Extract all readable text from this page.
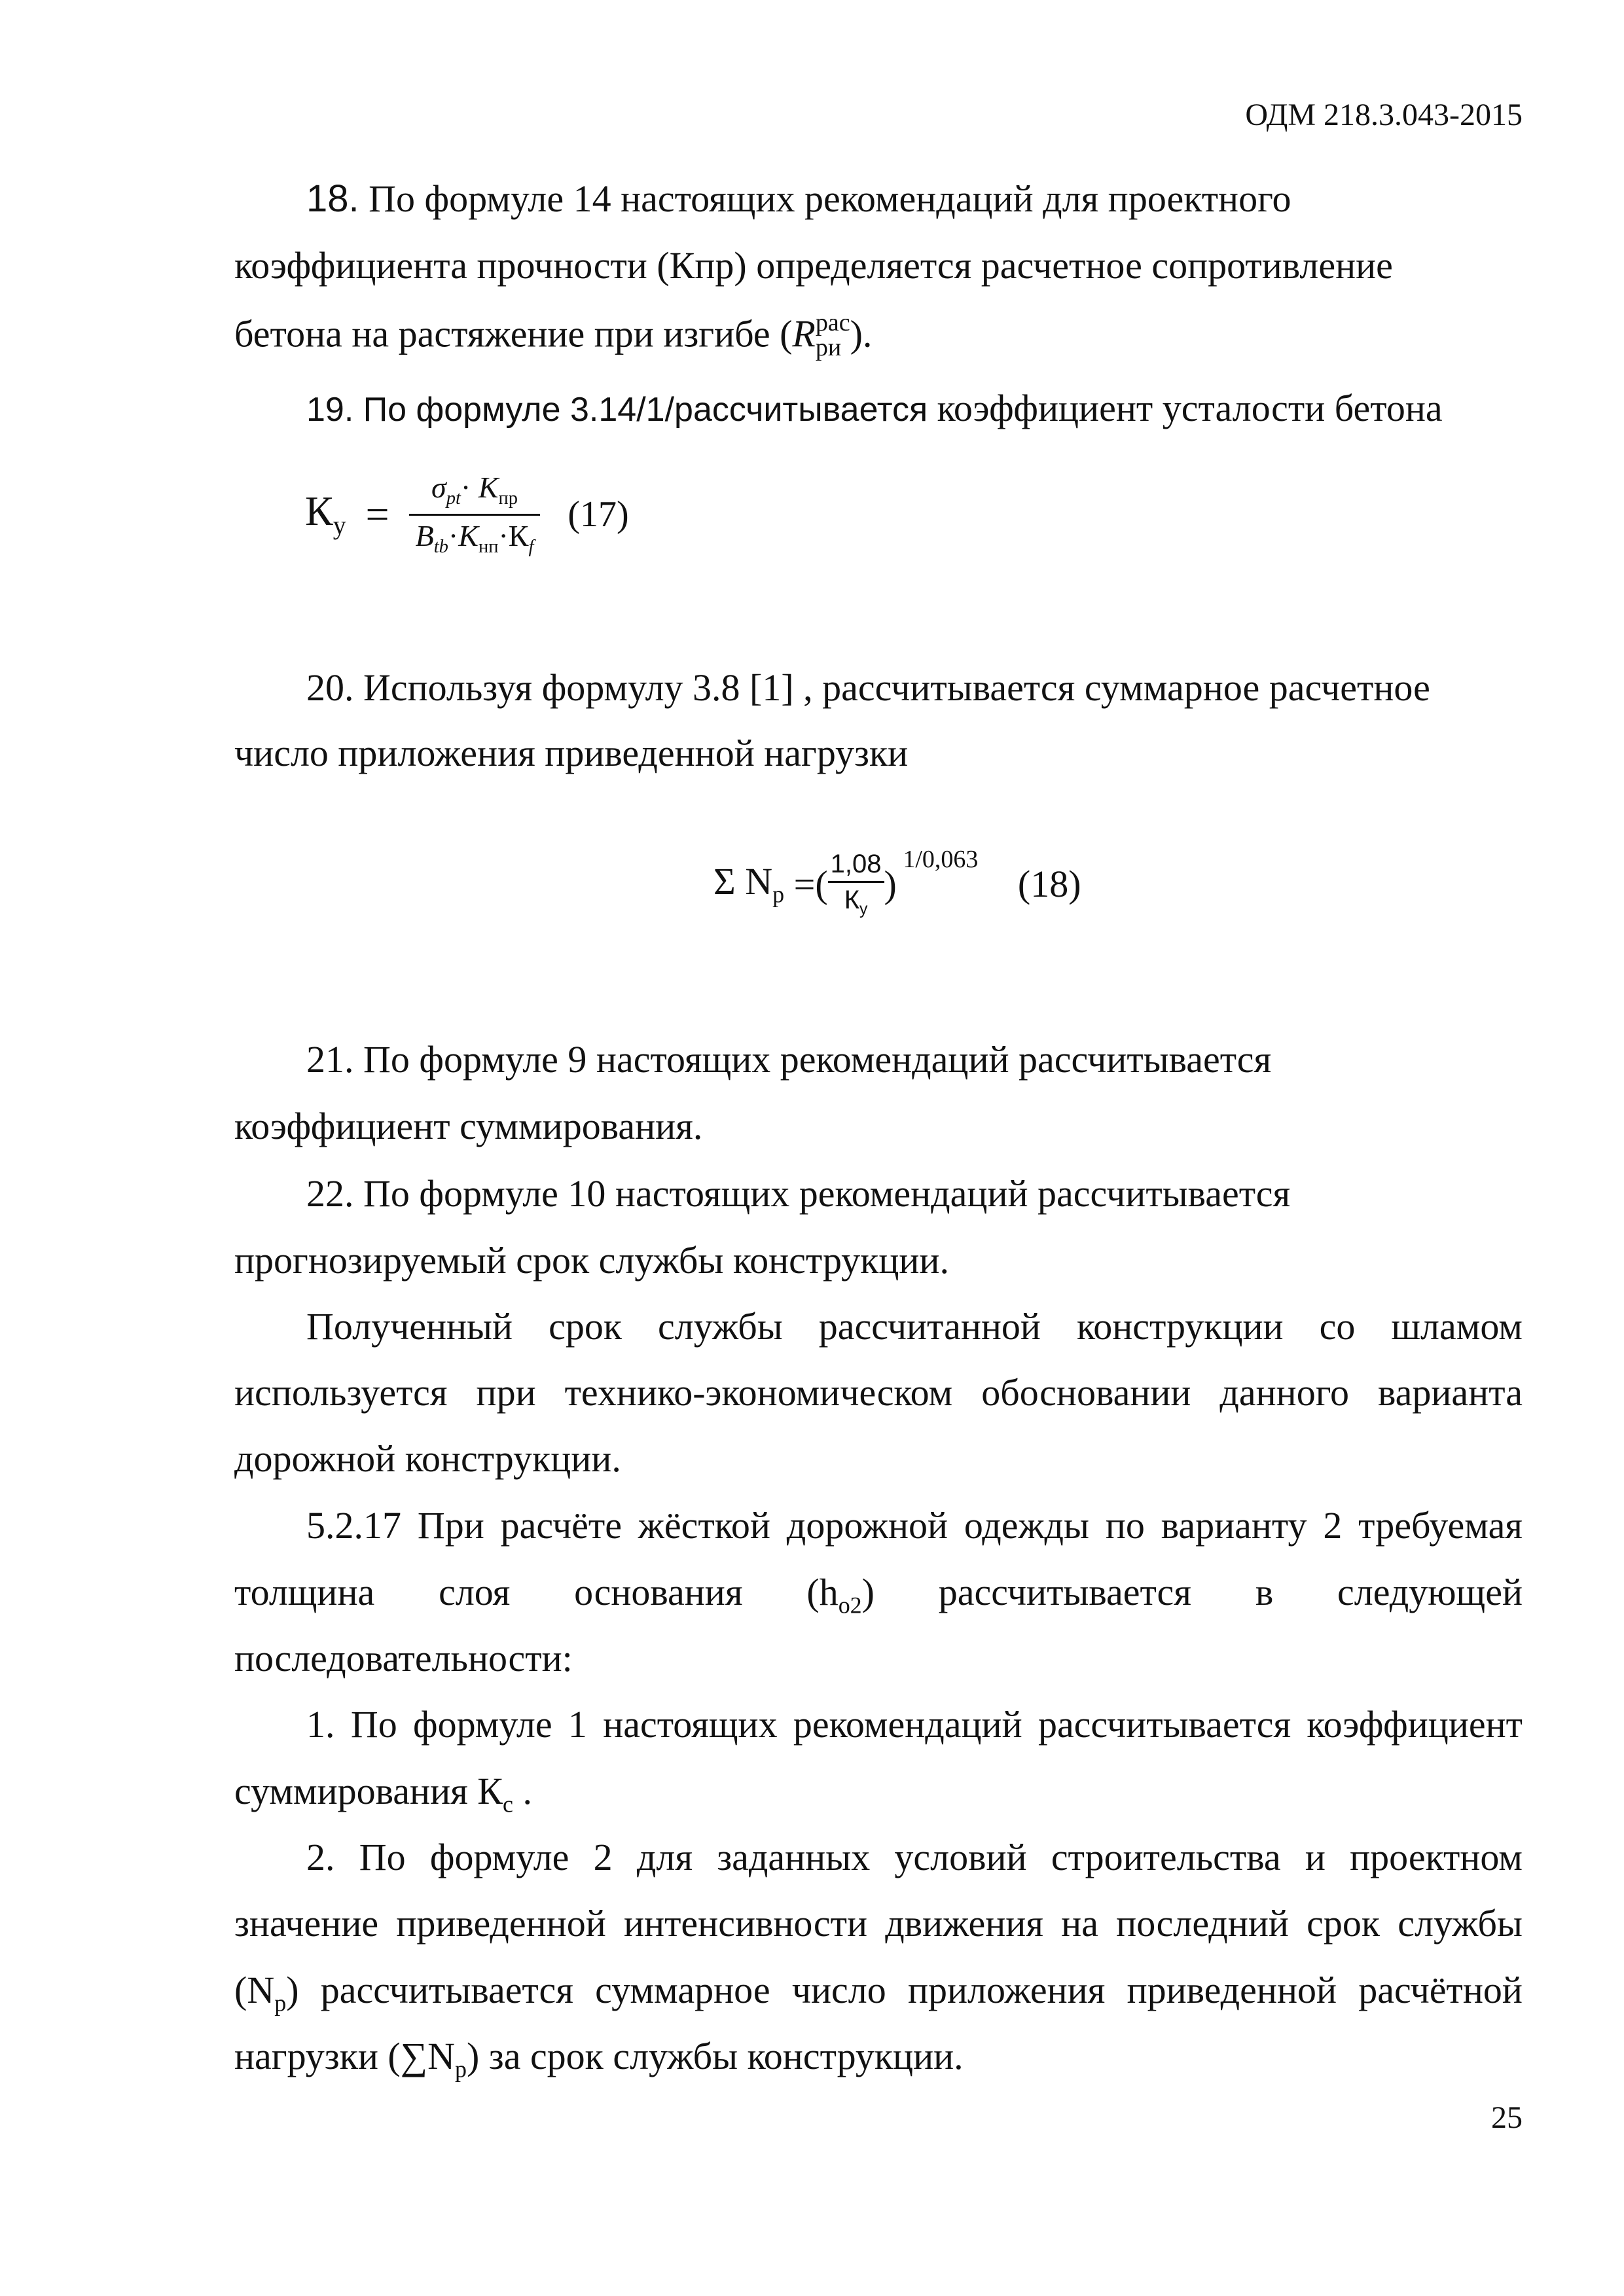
ОДМ 218.3.043-2015
18. По формуле 14 настоящих рекомендаций для проектного
коэффициента прочности (Кпр) определяется расчетное сопротивление
бетона на растяжение при изгибе (R рас
ри ).
19. По формуле 3.14/1/рассчитывается коэффициент усталости бетона
$К_у = \frac{\sigma_{pt}\cdot K_{пр}}{B_{tb}\cdot K_{нп}\cdot К_f} (17)$
20. Используя формулу 3.8 [1] , рассчитывается суммарное расчетное
число приложения приведенной нагрузки
Σ $N_р$ =( $\frac{1,08}{К_у}$ ) $^{1/0,063}$ (18)
21. По формуле 9 настоящих рекомендаций рассчитывается
коэффициент суммирования.
22. По формуле 10 настоящих рекомендаций рассчитывается
прогнозируемый срок службы конструкции.
Полученный срок службы рассчитанной конструкции со шламом
используется при технико-экономическом обосновании данного варианта
дорожной конструкции.
5.2.17 При расчёте жёсткой дорожной одежды по варианту 2 требуемая
толщина слоя основания $(h_{о2})$ рассчитывается в следующей
последовательности:
1. По формуле 1 настоящих рекомендаций рассчитывается коэффициент
суммирования $К_с$ .
2. По формуле 2 для заданных условий строительства и проектном
значение приведенной интенсивности движения на последний срок службы
$(N_р)$ рассчитывается суммарное число приложения приведенной расчётной
нагрузки $(\sum N_р)$ за срок службы конструкции.
25
